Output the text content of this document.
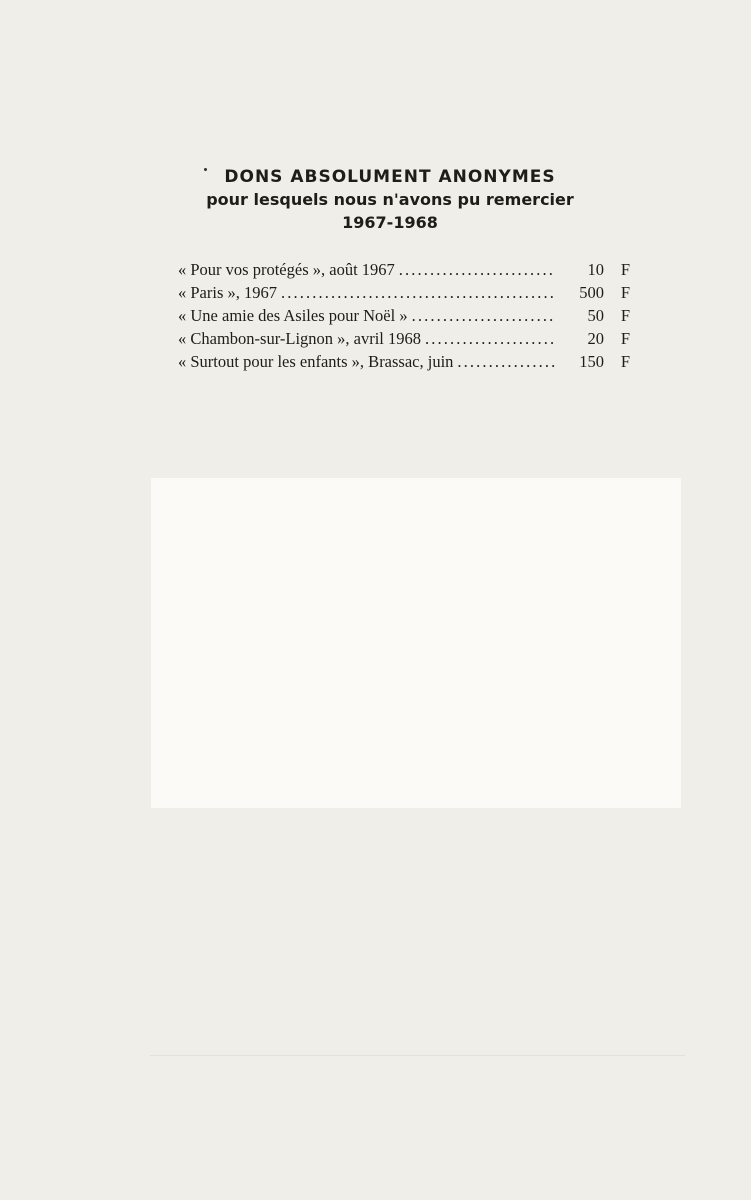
DONS ABSOLUMENT ANONYMES
pour lesquels nous n'avons pu remercier
1967-1968
« Pour vos protégés », août 1967 . . .	10	F
« Paris », 1967 . . .	500	F
« Une amie des Asiles pour Noël » . . .	50	F
« Chambon-sur-Lignon », avril 1968 . . .	20	F
« Surtout pour les enfants », Brassac, juin . . .	150	F
